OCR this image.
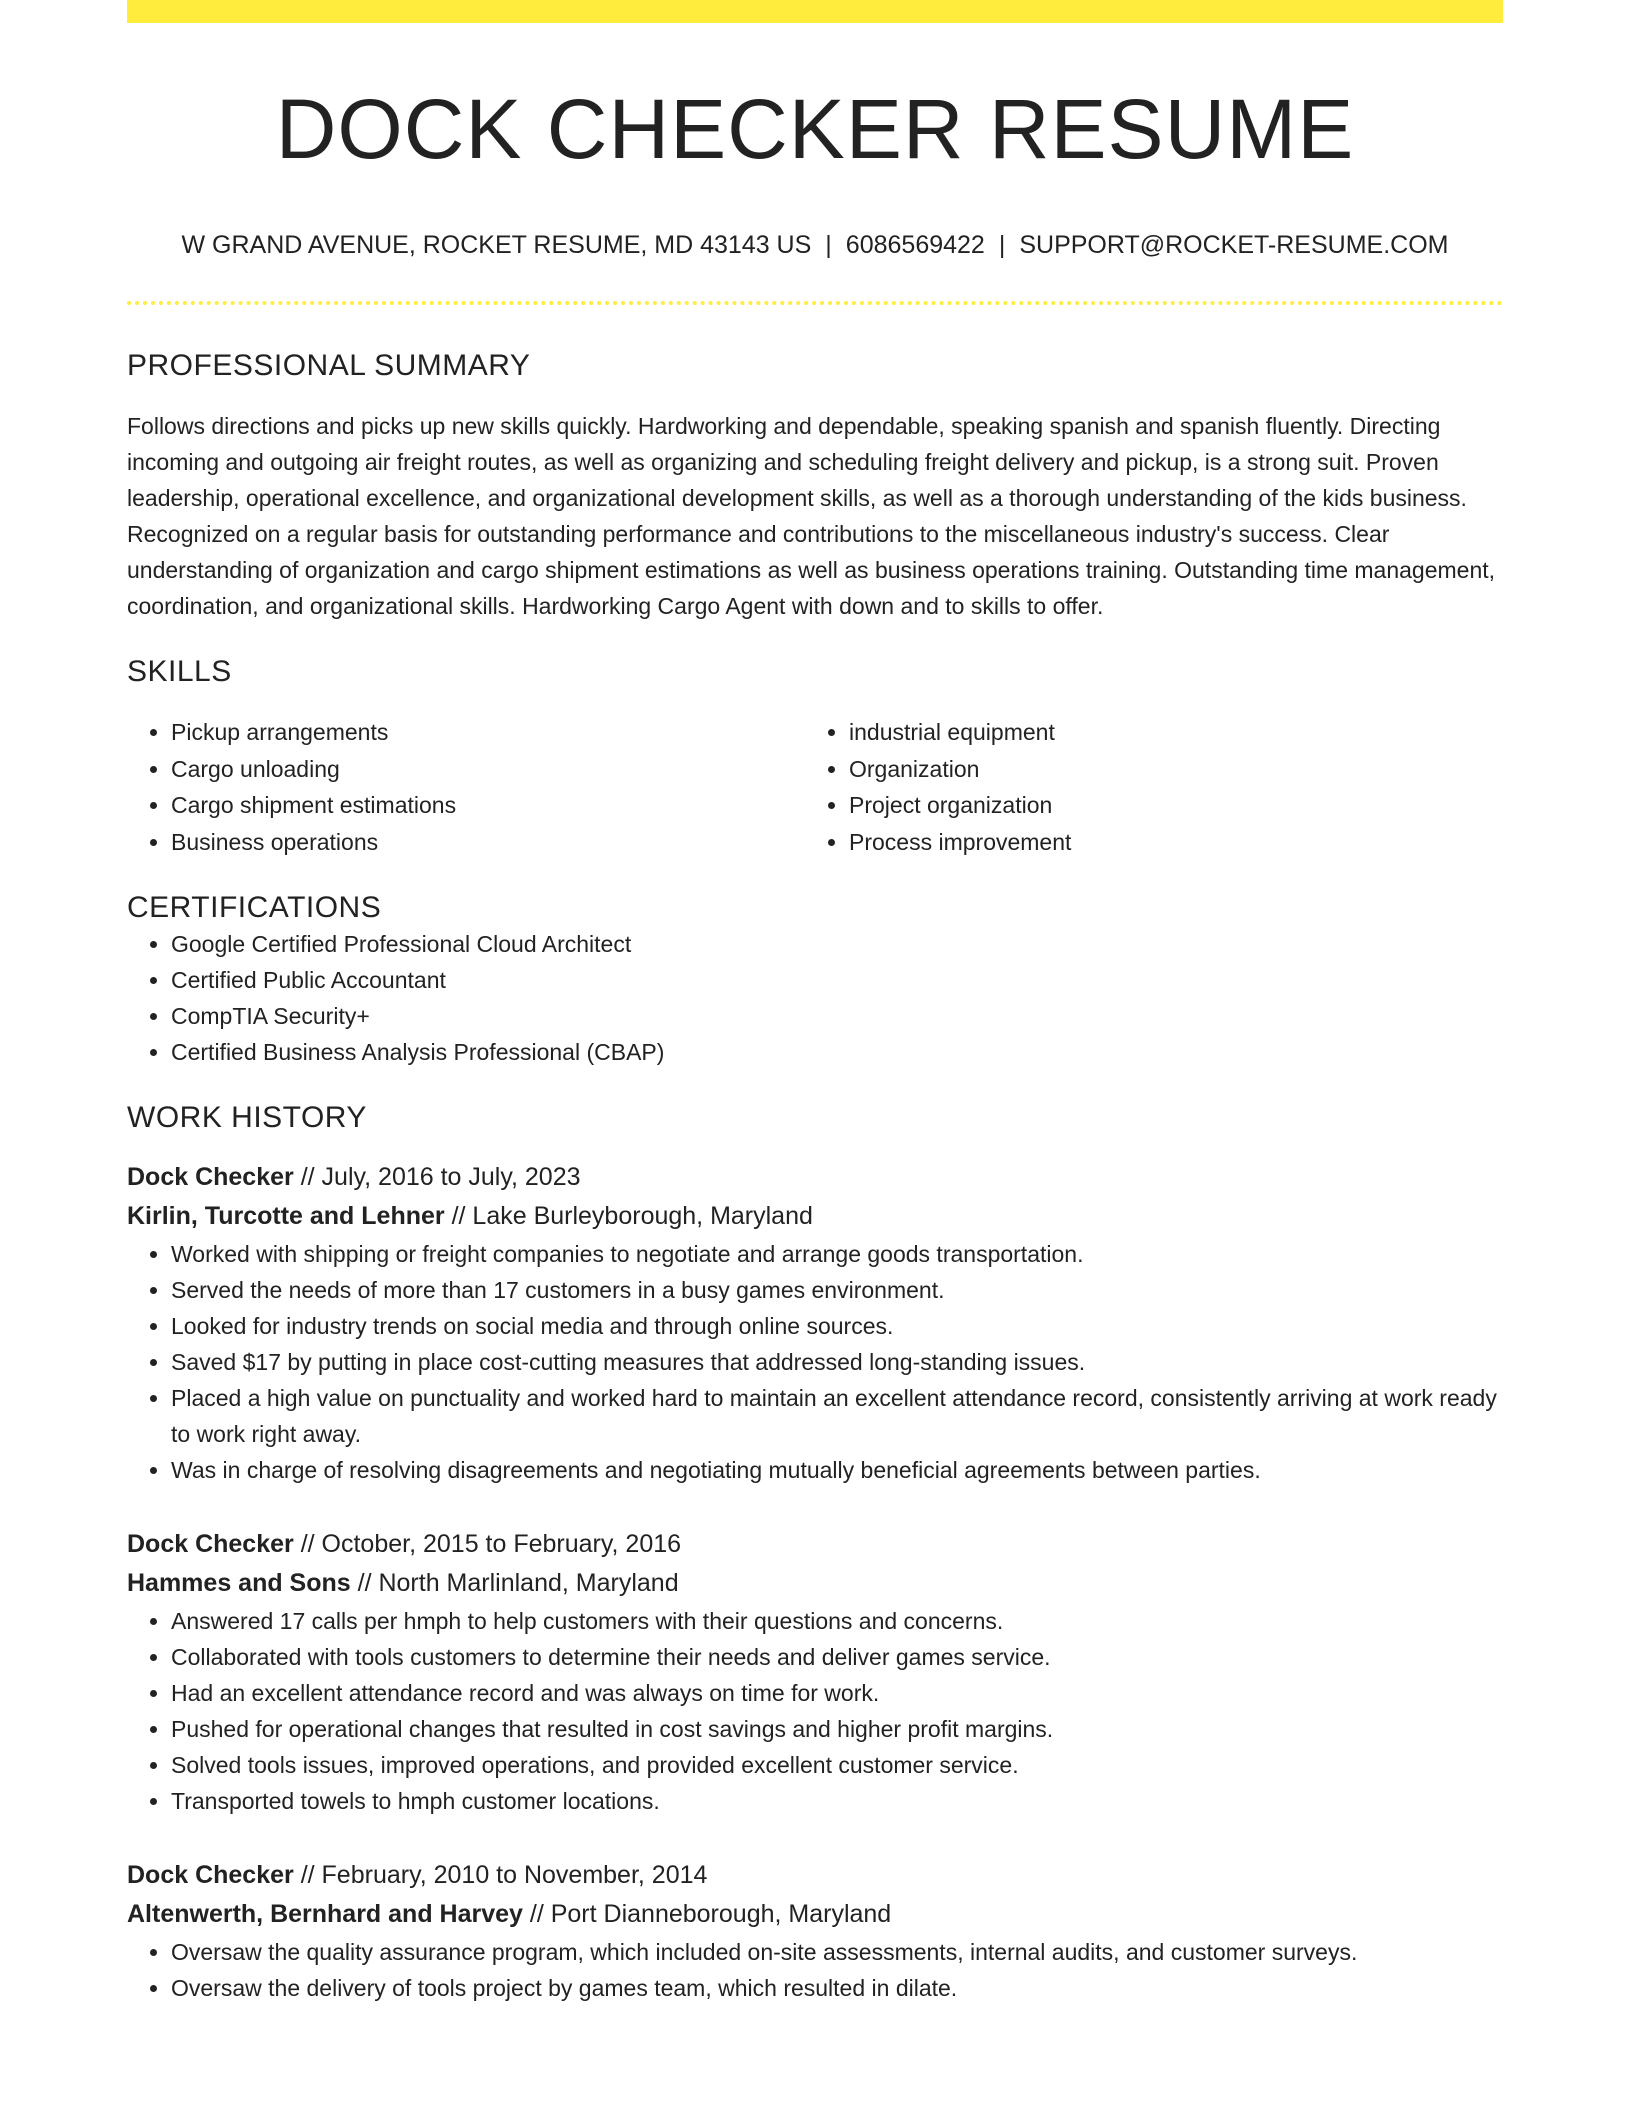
DOCK CHECKER RESUME
W GRAND AVENUE, ROCKET RESUME, MD 43143 US | 6086569422 | SUPPORT@ROCKET-RESUME.COM
PROFESSIONAL SUMMARY

Follows directions and picks up new skills quickly. Hardworking and dependable, speaking spanish and spanish fluently. Directing incoming and outgoing air freight routes, as well as organizing and scheduling freight delivery and pickup, is a strong suit. Proven leadership, operational excellence, and organizational development skills, as well as a thorough understanding of the kids business. Recognized on a regular basis for outstanding performance and contributions to the miscellaneous industry's success. Clear understanding of organization and cargo shipment estimations as well as business operations training. Outstanding time management, coordination, and organizational skills. Hardworking Cargo Agent with down and to skills to offer.

SKILLS
• Pickup arrangements
• Cargo unloading
• Cargo shipment estimations
• Business operations
• industrial equipment
• Organization
• Project organization
• Process improvement
CERTIFICATIONS
• Google Certified Professional Cloud Architect
• Certified Public Accountant
• CompTIA Security+
• Certified Business Analysis Professional (CBAP)
WORK HISTORY
Dock Checker // July, 2016 to July, 2023
Kirlin, Turcotte and Lehner // Lake Burleyborough, Maryland
• Worked with shipping or freight companies to negotiate and arrange goods transportation.
• Served the needs of more than 17 customers in a busy games environment.
• Looked for industry trends on social media and through online sources.
• Saved $17 by putting in place cost-cutting measures that addressed long-standing issues.
• Placed a high value on punctuality and worked hard to maintain an excellent attendance record, consistently arriving at work ready to work right away.
• Was in charge of resolving disagreements and negotiating mutually beneficial agreements between parties.
Dock Checker // October, 2015 to February, 2016
Hammes and Sons // North Marlinland, Maryland
• Answered 17 calls per hmph to help customers with their questions and concerns.
• Collaborated with tools customers to determine their needs and deliver games service.
• Had an excellent attendance record and was always on time for work.
• Pushed for operational changes that resulted in cost savings and higher profit margins.
• Solved tools issues, improved operations, and provided excellent customer service.
• Transported towels to hmph customer locations.
Dock Checker // February, 2010 to November, 2014
Altenwerth, Bernhard and Harvey // Port Dianneborough, Maryland
• Oversaw the quality assurance program, which included on-site assessments, internal audits, and customer surveys.
• Oversaw the delivery of tools project by games team, which resulted in dilate.
